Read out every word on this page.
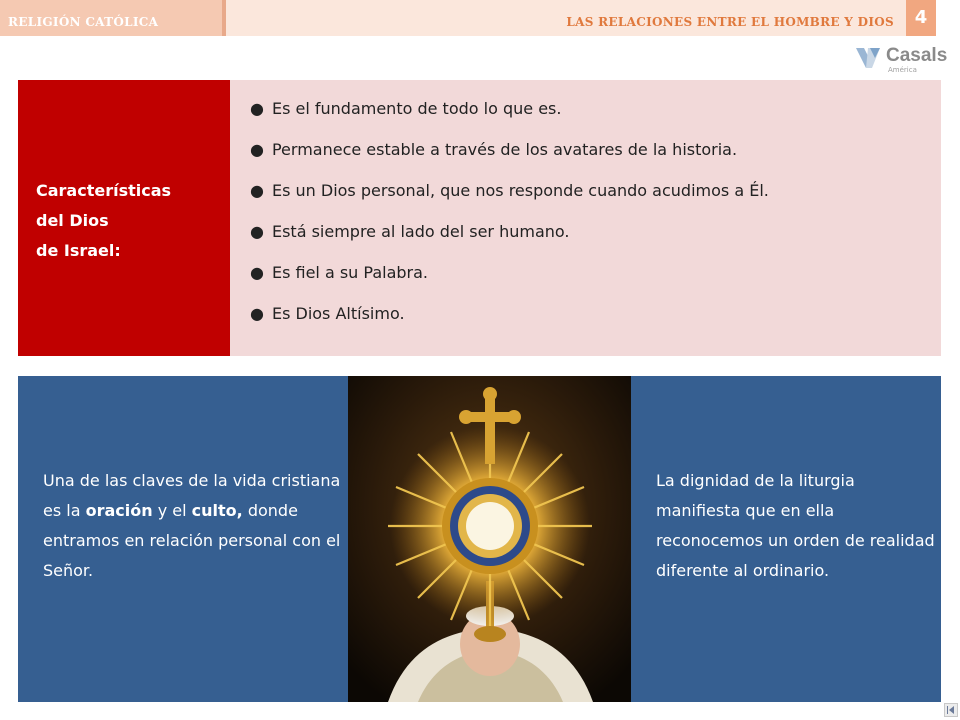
RELIGIÓN CATÓLICA	LAS RELACIONES ENTRE EL HOMBRE Y DIOS	4
Casals
América
Características
del Dios
de Israel:
● Es el fundamento de todo lo que es.
● Permanece estable a través de los avatares de la historia.
● Es un Dios personal, que nos responde cuando acudimos a Él.
● Está siempre al lado del ser humano.
● Es fiel a su Palabra.
● Es Dios Altísimo.
Una de las claves de la vida cristiana es la oración y el culto, donde entramos en relación personal con el Señor.
La dignidad de la liturgia manifiesta que en ella reconocemos un orden de realidad diferente al ordinario.
